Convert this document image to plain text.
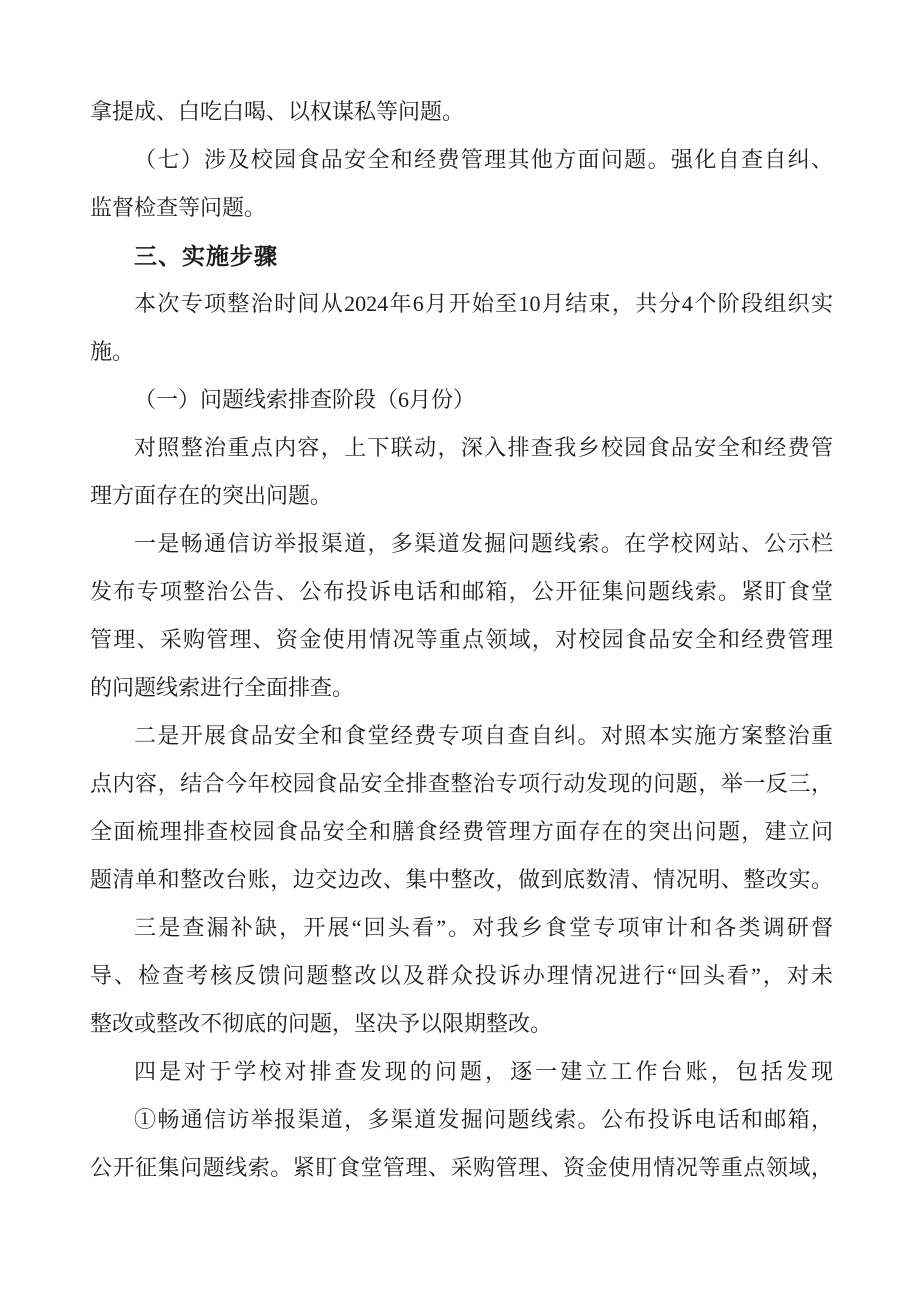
拿提成、白吃白喝、以权谋私等问题。
（七）涉及校园食品安全和经费管理其他方面问题。强化自查自纠、
监督检查等问题。
三、实施步骤
本次专项整治时间从2024年6月开始至10月结束，共分4个阶段组织实
施。
（一）问题线索排查阶段（6月份）
对照整治重点内容，上下联动，深入排查我乡校园食品安全和经费管
理方面存在的突出问题。
一是畅通信访举报渠道，多渠道发掘问题线索。在学校网站、公示栏
发布专项整治公告、公布投诉电话和邮箱，公开征集问题线索。紧盯食堂
管理、采购管理、资金使用情况等重点领域，对校园食品安全和经费管理
的问题线索进行全面排查。
二是开展食品安全和食堂经费专项自查自纠。对照本实施方案整治重
点内容，结合今年校园食品安全排查整治专项行动发现的问题，举一反三，
全面梳理排查校园食品安全和膳食经费管理方面存在的突出问题，建立问
题清单和整改台账，边交边改、集中整改，做到底数清、情况明、整改实。
三是查漏补缺，开展“回头看”。对我乡食堂专项审计和各类调研督
导、检查考核反馈问题整改以及群众投诉办理情况进行“回头看”，对未
整改或整改不彻底的问题，坚决予以限期整改。
四是对于学校对排查发现的问题，逐一建立工作台账，包括发现
①畅通信访举报渠道，多渠道发掘问题线索。公布投诉电话和邮箱，
公开征集问题线索。紧盯食堂管理、采购管理、资金使用情况等重点领域，
